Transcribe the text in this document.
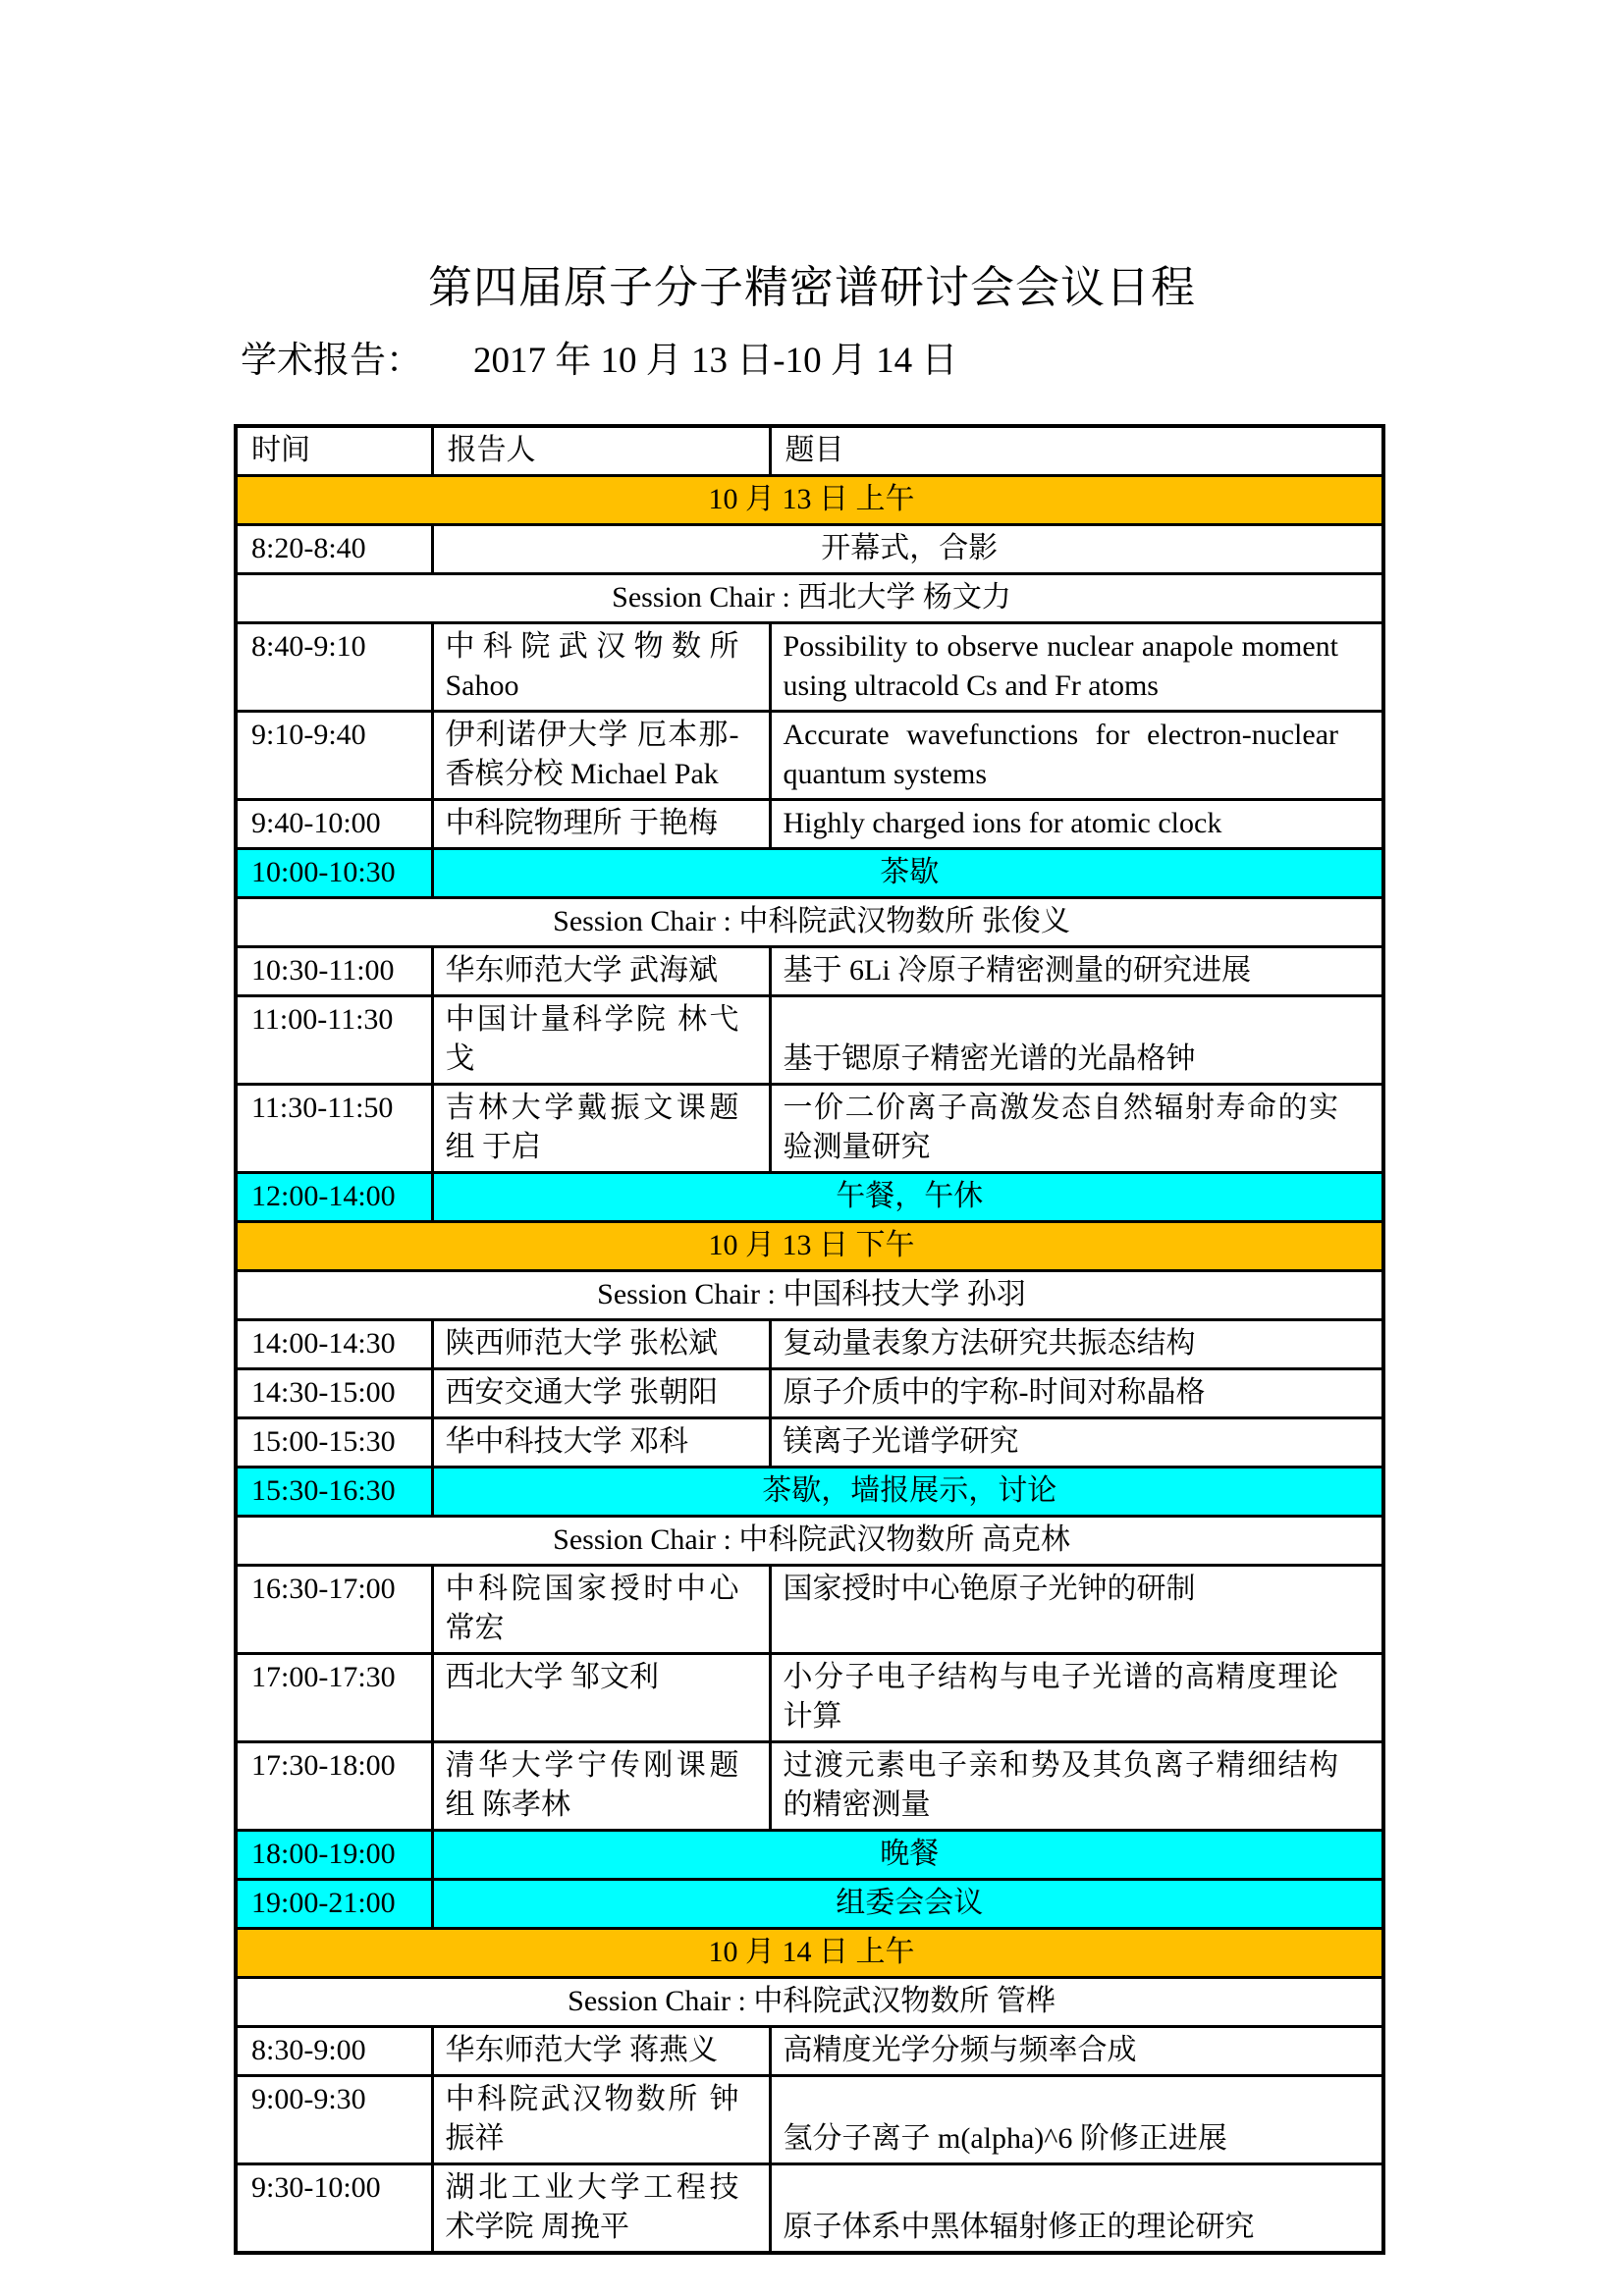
第四届原子分子精密谱研讨会会议日程
学术报告： 2017 年 10 月 13 日-10 月 14 日
时间	报告人	题目
10 月 13 日 上午		
8:20-8:40	开幕式，合影	
Session Chair : 西北大学 杨文力		
8:40-9:10	中科院武汉物数所 Sahoo	Possibility to observe nuclear anapole moment using ultracold Cs and Fr atoms
9:10-9:40	伊利诺伊大学 厄本那-香槟分校 Michael Pak	Accurate wavefunctions for electron-nuclear quantum systems
9:40-10:00	中科院物理所 于艳梅	Highly charged ions for atomic clock
10:00-10:30	茶歇	
Session Chair : 中科院武汉物数所 张俊义		
10:30-11:00	华东师范大学 武海斌	基于 6Li 冷原子精密测量的研究进展
11:00-11:30	中国计量科学院 林弋戈	基于锶原子精密光谱的光晶格钟
11:30-11:50	吉林大学戴振文课题组 于启	一价二价离子高激发态自然辐射寿命的实验测量研究
12:00-14:00	午餐，午休	
10 月 13 日 下午		
Session Chair : 中国科技大学 孙羽		
14:00-14:30	陕西师范大学 张松斌	复动量表象方法研究共振态结构
14:30-15:00	西安交通大学 张朝阳	原子介质中的宇称-时间对称晶格
15:00-15:30	华中科技大学 邓科	镁离子光谱学研究
15:30-16:30	茶歇，墙报展示，讨论	
Session Chair : 中科院武汉物数所 高克林		
16:30-17:00	中科院国家授时中心 常宏	国家授时中心铯原子光钟的研制
17:00-17:30	西北大学 邹文利	小分子电子结构与电子光谱的高精度理论计算
17:30-18:00	清华大学宁传刚课题组 陈孝林	过渡元素电子亲和势及其负离子精细结构的精密测量
18:00-19:00	晚餐	
19:00-21:00	组委会会议	
10 月 14 日 上午		
Session Chair : 中科院武汉物数所 管桦		
8:30-9:00	华东师范大学 蒋燕义	高精度光学分频与频率合成
9:00-9:30	中科院武汉物数所 钟振祥	氢分子离子 m(alpha)^6 阶修正进展
9:30-10:00	湖北工业大学工程技术学院 周挽平	原子体系中黑体辐射修正的理论研究
